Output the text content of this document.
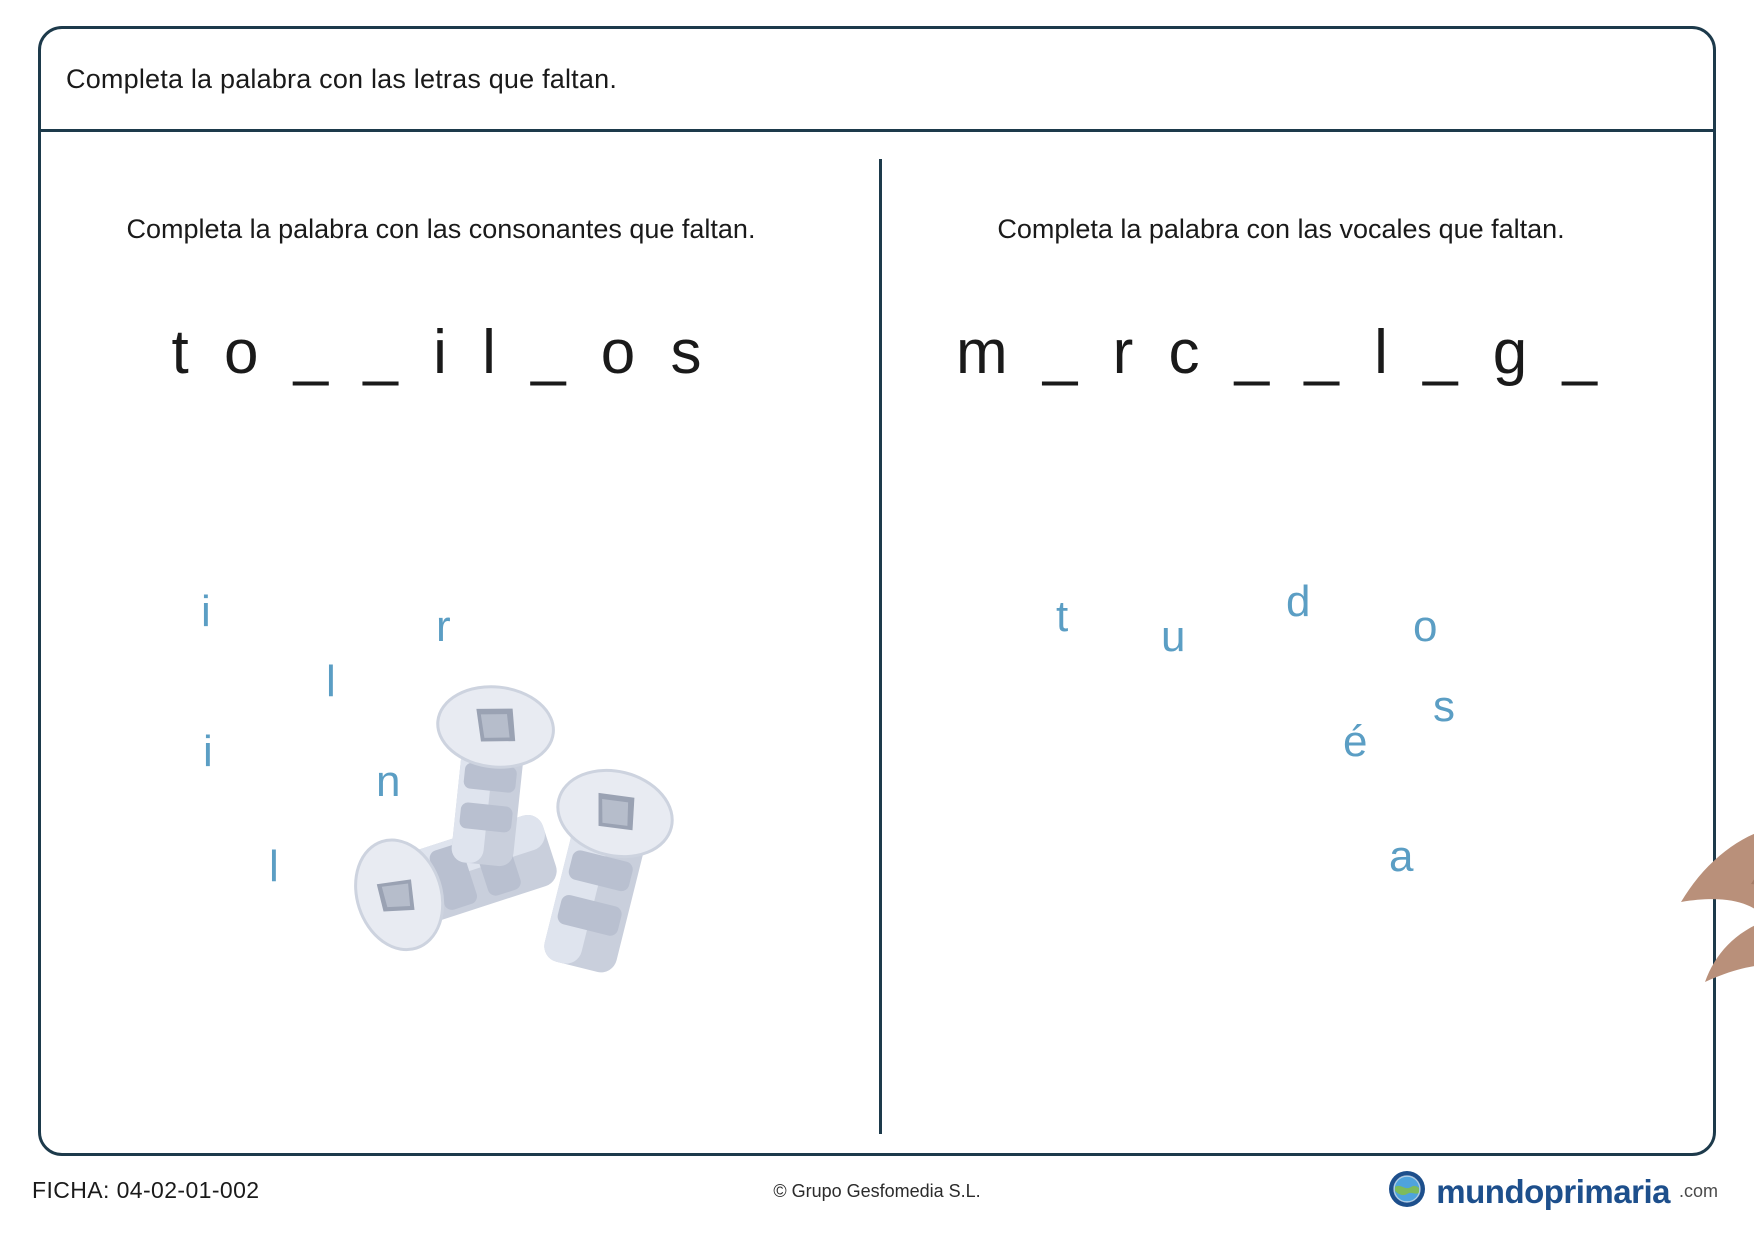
Completa la palabra con las letras que faltan.
Completa la palabra con las consonantes que faltan.
t o _ _ i l _ o s
i	r
l
i
n
l
Completa la palabra con las vocales que faltan.
m _ r c _ _ l _ g _
t u
d
o
s
é
a
FICHA: 04-02-01-002	© Grupo Gesfomedia S.L.	mundoprimaria .com
